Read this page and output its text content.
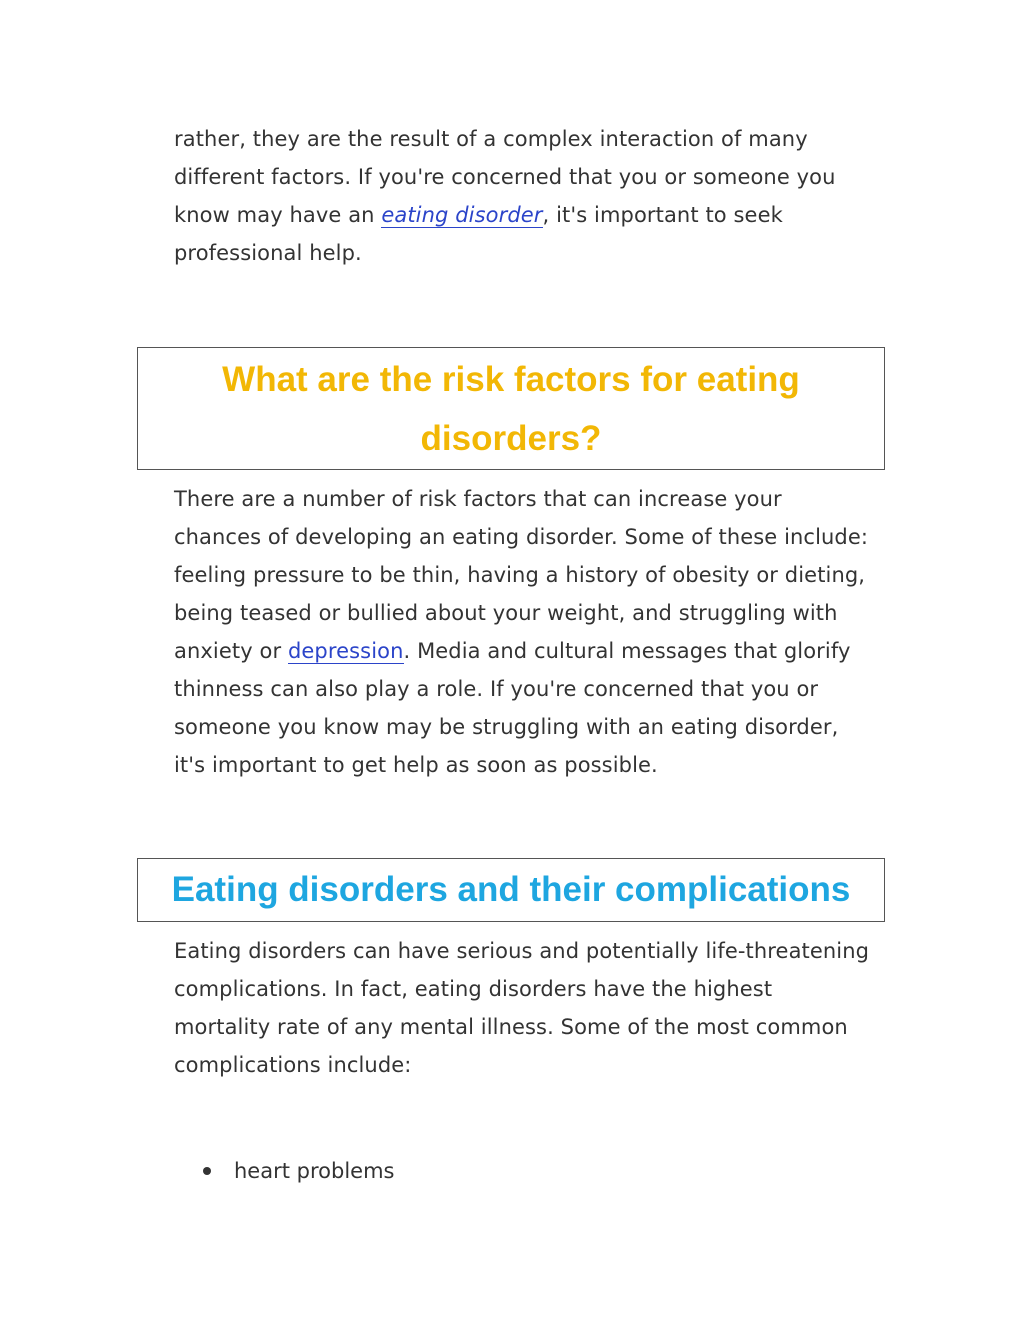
rather, they are the result of a complex interaction of many different factors. If you're concerned that you or someone you know may have an eating disorder, it's important to seek professional help.

What are the risk factors for eating disorders?

There are a number of risk factors that can increase your chances of developing an eating disorder. Some of these include: feeling pressure to be thin, having a history of obesity or dieting, being teased or bullied about your weight, and struggling with anxiety or depression. Media and cultural messages that glorify thinness can also play a role. If you're concerned that you or someone you know may be struggling with an eating disorder, it's important to get help as soon as possible.

Eating disorders and their complications

Eating disorders can have serious and potentially life-threatening complications. In fact, eating disorders have the highest mortality rate of any mental illness. Some of the most common complications include:

heart problems
